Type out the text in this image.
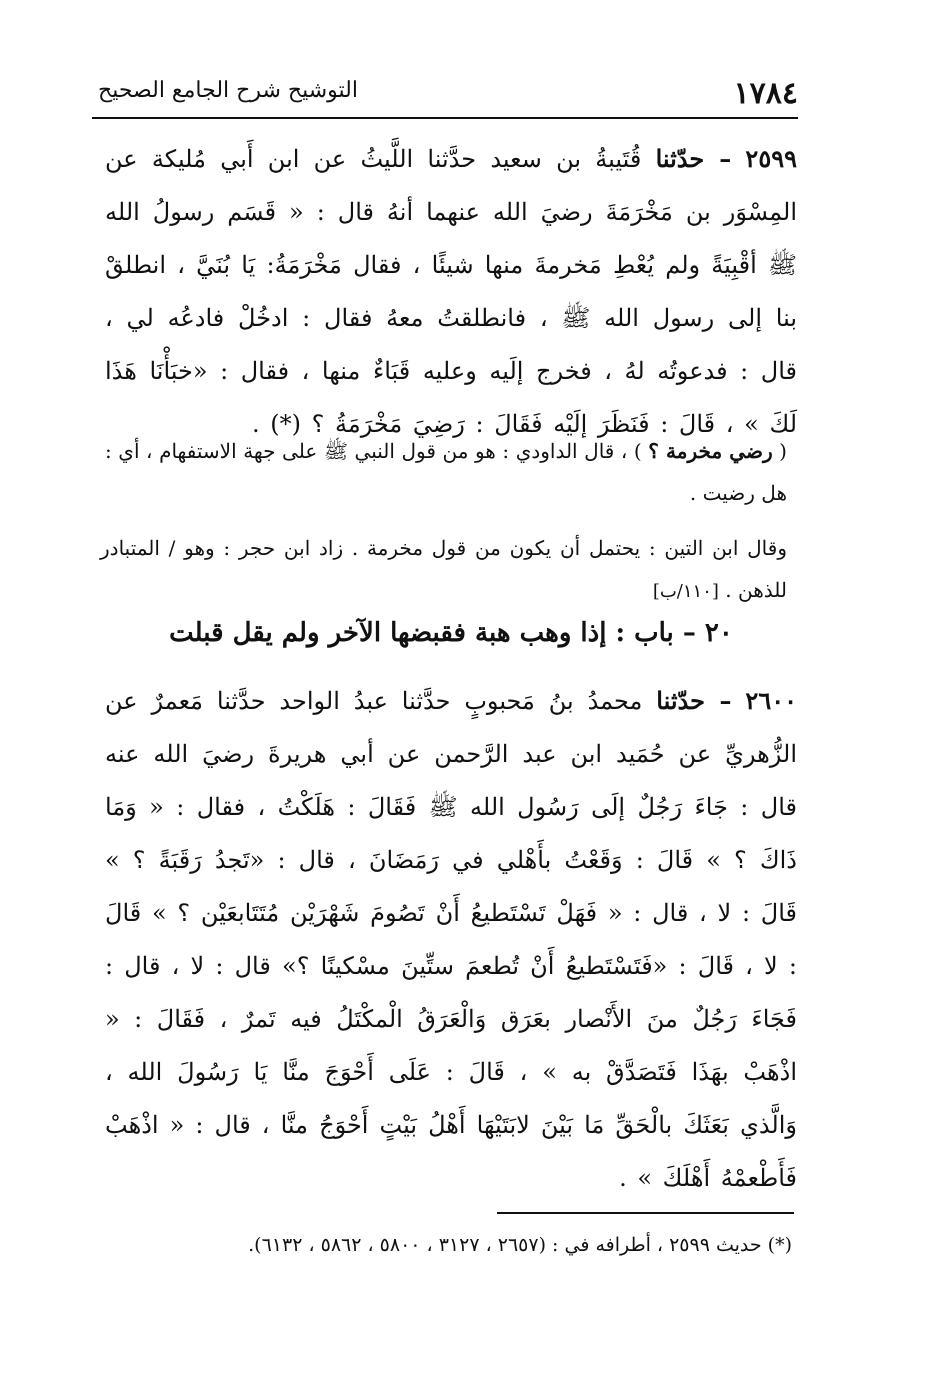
١٧٨٤
التوشيح شرح الجامع الصحيح

٢٥٩٩ – حدّثنا قُتَيبةُ بن سعيد حدَّثنا اللَّيثُ عن ابن أَبي مُليكة عن المِسْوَر بن مَخْرَمَةَ رضيَ الله عنهما أنهُ قال : « قَسَم رسولُ الله ﷺ أقْبِيَةً ولم يُعْطِ مَخرمةَ منها شيئًا ، فقال مَخْرَمَةُ: يَا بُنَيَّ ، انطلقْ بنا إلى رسول الله ﷺ ، فانطلقتُ معهُ فقال : ادخُلْ فادعُه لي ، قال : فدعوتُه لهُ ، فخرج إلَيه وعليه قَبَاءٌ منها ، فقال : «خبَأْنَا هَذَا لَكَ » ، قَالَ : فَنَظَرَ إلَيْه فَقَالَ : رَضِيَ مَخْرَمَةُ ؟ (*) .

( رضي مخرمة ؟ ) ، قال الداودي : هو من قول النبي ﷺ على جهة الاستفهام ، أي : هل رضيت .

وقال ابن التين : يحتمل أن يكون من قول مخرمة . زاد ابن حجر : وهو / المتبادر للذهن . [١١٠/ب]

٢٠ – باب : إذا وهب هبة فقبضها الآخر ولم يقل قبلت

٢٦٠٠ – حدّثنا محمدُ بنُ مَحبوبٍ حدَّثنا عبدُ الواحد حدَّثنا مَعمرٌ عن الزُّهريِّ عن حُمَيد ابن عبد الرَّحمن عن أبي هريرةَ رضيَ الله عنه قال : جَاءَ رَجُلٌ إلَى رَسُول الله ﷺ فَقَالَ : هَلَكْتُ ، فقال : « وَمَا ذَاكَ ؟ » قَالَ : وَقَعْتُ بأَهْلي في رَمَضَانَ ، قال : «تَجدُ رَقَبَةً ؟ » قَالَ : لا ، قال : « فَهَلْ تَسْتَطيعُ أَنْ تَصُومَ شَهْرَيْن مُتَتَابعَيْن ؟ » قَالَ : لا ، قَالَ : «فَتَسْتَطيعُ أَنْ تُطعمَ ستِّينَ مسْكينًا ؟» قال : لا ، قال : فَجَاءَ رَجُلٌ منَ الأَنْصار بعَرَق وَالْعَرَقُ الْمكْتَلُ فيه تَمرٌ ، فَقَالَ : « اذْهَبْ بهَذَا فَتَصَدَّقْ به » ، قَالَ : عَلَى أَحْوَجَ منَّا يَا رَسُولَ الله ، وَالَّذي بَعَثَكَ بالْحَقِّ مَا بَيْنَ لابَتَيْهَا أَهْلُ بَيْتٍ أَحْوَجُ منَّا ، قال : « اذْهَبْ فَأَطْعمْهُ أَهْلَكَ » .

(*) حديث ٢٥٩٩ ، أطرافه في : (٢٦٥٧ ، ٣١٢٧ ، ٥٨٠٠ ، ٥٨٦٢ ، ٦١٣٢).
